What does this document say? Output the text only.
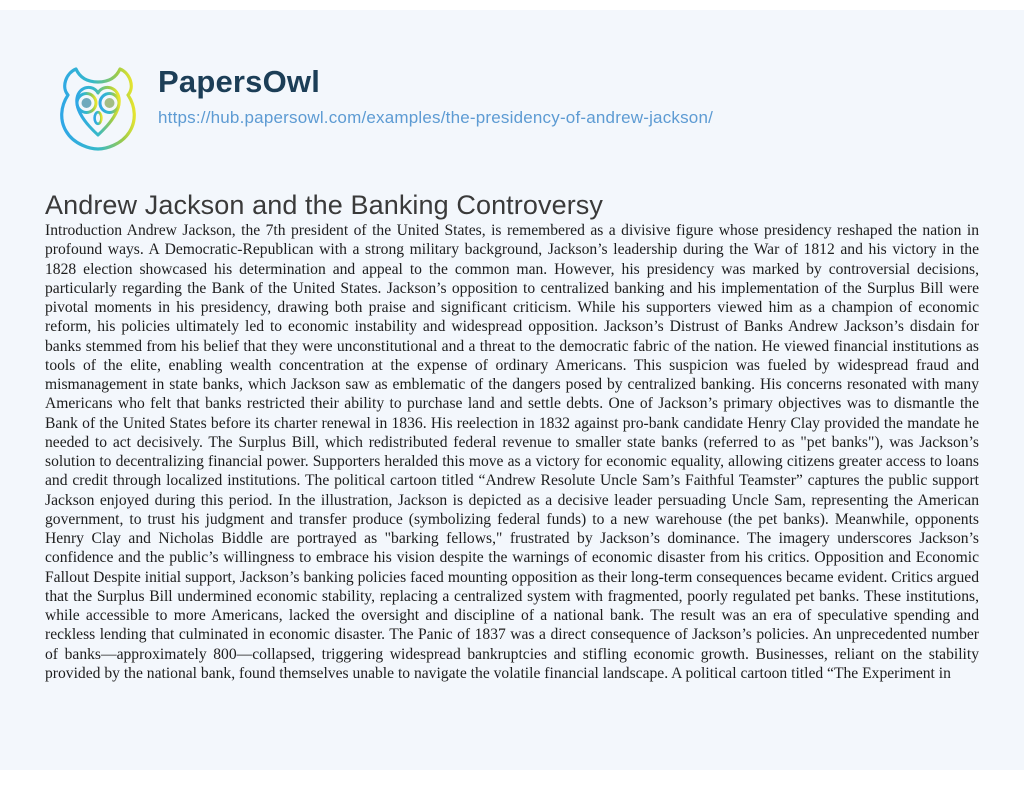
PapersOwl
https://hub.papersowl.com/examples/the-presidency-of-andrew-jackson/
Andrew Jackson and the Banking Controversy
Introduction Andrew Jackson, the 7th president of the United States, is remembered as a divisive figure whose presidency reshaped the nation in profound ways. A Democratic-Republican with a strong military background, Jackson’s leadership during the War of 1812 and his victory in the 1828 election showcased his determination and appeal to the common man. However, his presidency was marked by controversial decisions, particularly regarding the Bank of the United States. Jackson’s opposition to centralized banking and his implementation of the Surplus Bill were pivotal moments in his presidency, drawing both praise and significant criticism. While his supporters viewed him as a champion of economic reform, his policies ultimately led to economic instability and widespread opposition. Jackson’s Distrust of Banks Andrew Jackson’s disdain for banks stemmed from his belief that they were unconstitutional and a threat to the democratic fabric of the nation. He viewed financial institutions as tools of the elite, enabling wealth concentration at the expense of ordinary Americans. This suspicion was fueled by widespread fraud and mismanagement in state banks, which Jackson saw as emblematic of the dangers posed by centralized banking. His concerns resonated with many Americans who felt that banks restricted their ability to purchase land and settle debts. One of Jackson’s primary objectives was to dismantle the Bank of the United States before its charter renewal in 1836. His reelection in 1832 against pro-bank candidate Henry Clay provided the mandate he needed to act decisively. The Surplus Bill, which redistributed federal revenue to smaller state banks (referred to as "pet banks"), was Jackson’s solution to decentralizing financial power. Supporters heralded this move as a victory for economic equality, allowing citizens greater access to loans and credit through localized institutions. The political cartoon titled “Andrew Resolute Uncle Sam’s Faithful Teamster” captures the public support Jackson enjoyed during this period. In the illustration, Jackson is depicted as a decisive leader persuading Uncle Sam, representing the American government, to trust his judgment and transfer produce (symbolizing federal funds) to a new warehouse (the pet banks). Meanwhile, opponents Henry Clay and Nicholas Biddle are portrayed as "barking fellows," frustrated by Jackson’s dominance. The imagery underscores Jackson’s confidence and the public’s willingness to embrace his vision despite the warnings of economic disaster from his critics. Opposition and Economic Fallout Despite initial support, Jackson’s banking policies faced mounting opposition as their long-term consequences became evident. Critics argued that the Surplus Bill undermined economic stability, replacing a centralized system with fragmented, poorly regulated pet banks. These institutions, while accessible to more Americans, lacked the oversight and discipline of a national bank. The result was an era of speculative spending and reckless lending that culminated in economic disaster. The Panic of 1837 was a direct consequence of Jackson’s policies. An unprecedented number of banks—approximately 800—collapsed, triggering widespread bankruptcies and stifling economic growth. Businesses, reliant on the stability provided by the national bank, found themselves unable to navigate the volatile financial landscape. A political cartoon titled “The Experiment in
